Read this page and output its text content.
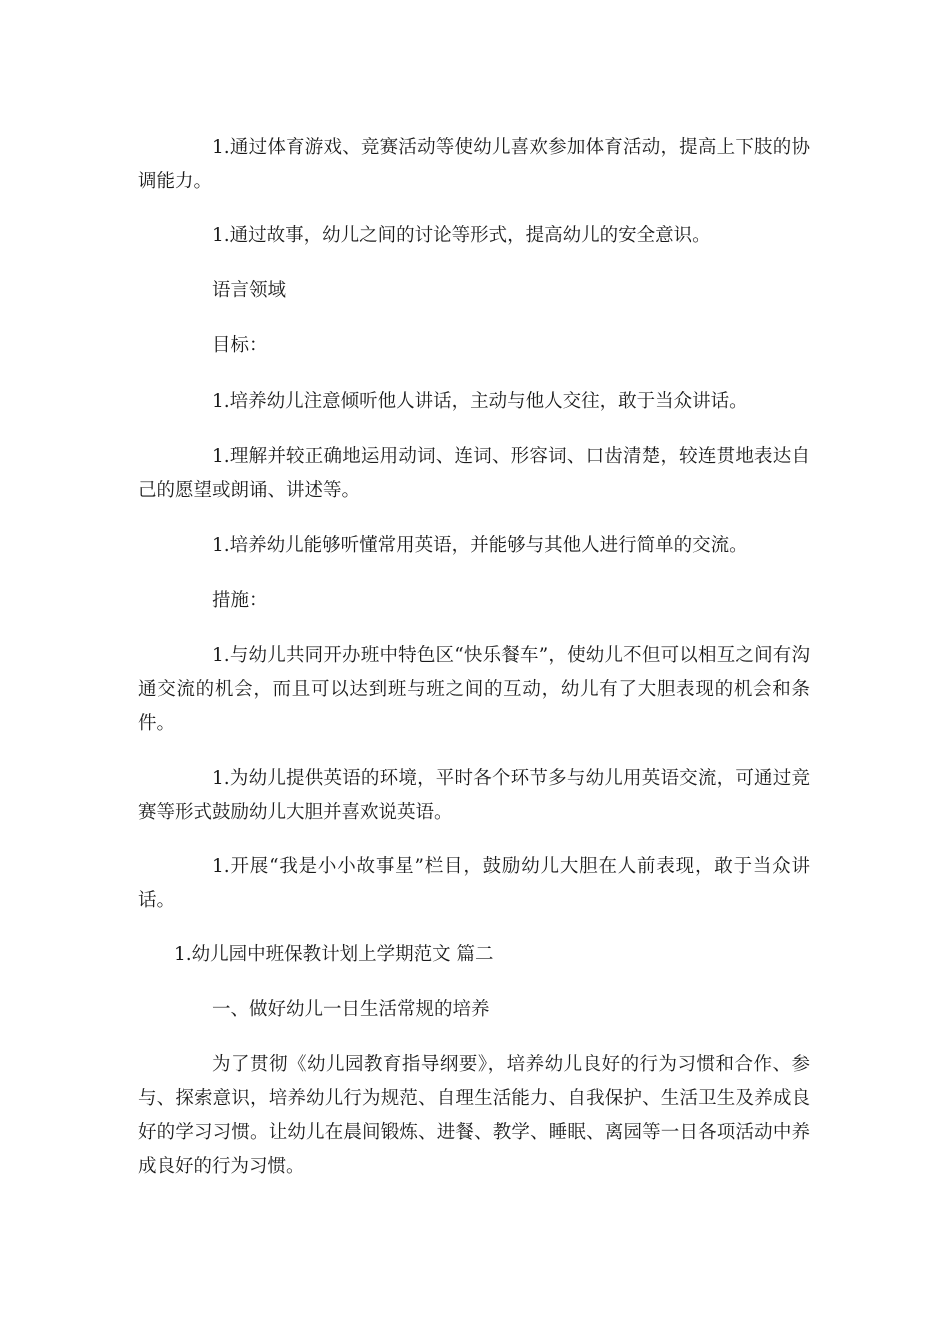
1.通过体育游戏、竞赛活动等使幼儿喜欢参加体育活动，提高上下肢的协调能力。

1.通过故事，幼儿之间的讨论等形式，提高幼儿的安全意识。

语言领域

目标：

1.培养幼儿注意倾听他人讲话，主动与他人交往，敢于当众讲话。

1.理解并较正确地运用动词、连词、形容词、口齿清楚，较连贯地表达自己的愿望或朗诵、讲述等。

1.培养幼儿能够听懂常用英语，并能够与其他人进行简单的交流。

措施：

1.与幼儿共同开办班中特色区“快乐餐车”，使幼儿不但可以相互之间有沟通交流的机会，而且可以达到班与班之间的互动，幼儿有了大胆表现的机会和条件。

1.为幼儿提供英语的环境，平时各个环节多与幼儿用英语交流，可通过竞赛等形式鼓励幼儿大胆并喜欢说英语。

1.开展“我是小小故事星”栏目，鼓励幼儿大胆在人前表现，敢于当众讲话。

1.幼儿园中班保教计划上学期范文 篇二

一、做好幼儿一日生活常规的培养

为了贯彻《幼儿园教育指导纲要》，培养幼儿良好的行为习惯和合作、参与、探索意识，培养幼儿行为规范、自理生活能力、自我保护、生活卫生及养成良好的学习习惯。让幼儿在晨间锻炼、进餐、教学、睡眠、离园等一日各项活动中养成良好的行为习惯。
